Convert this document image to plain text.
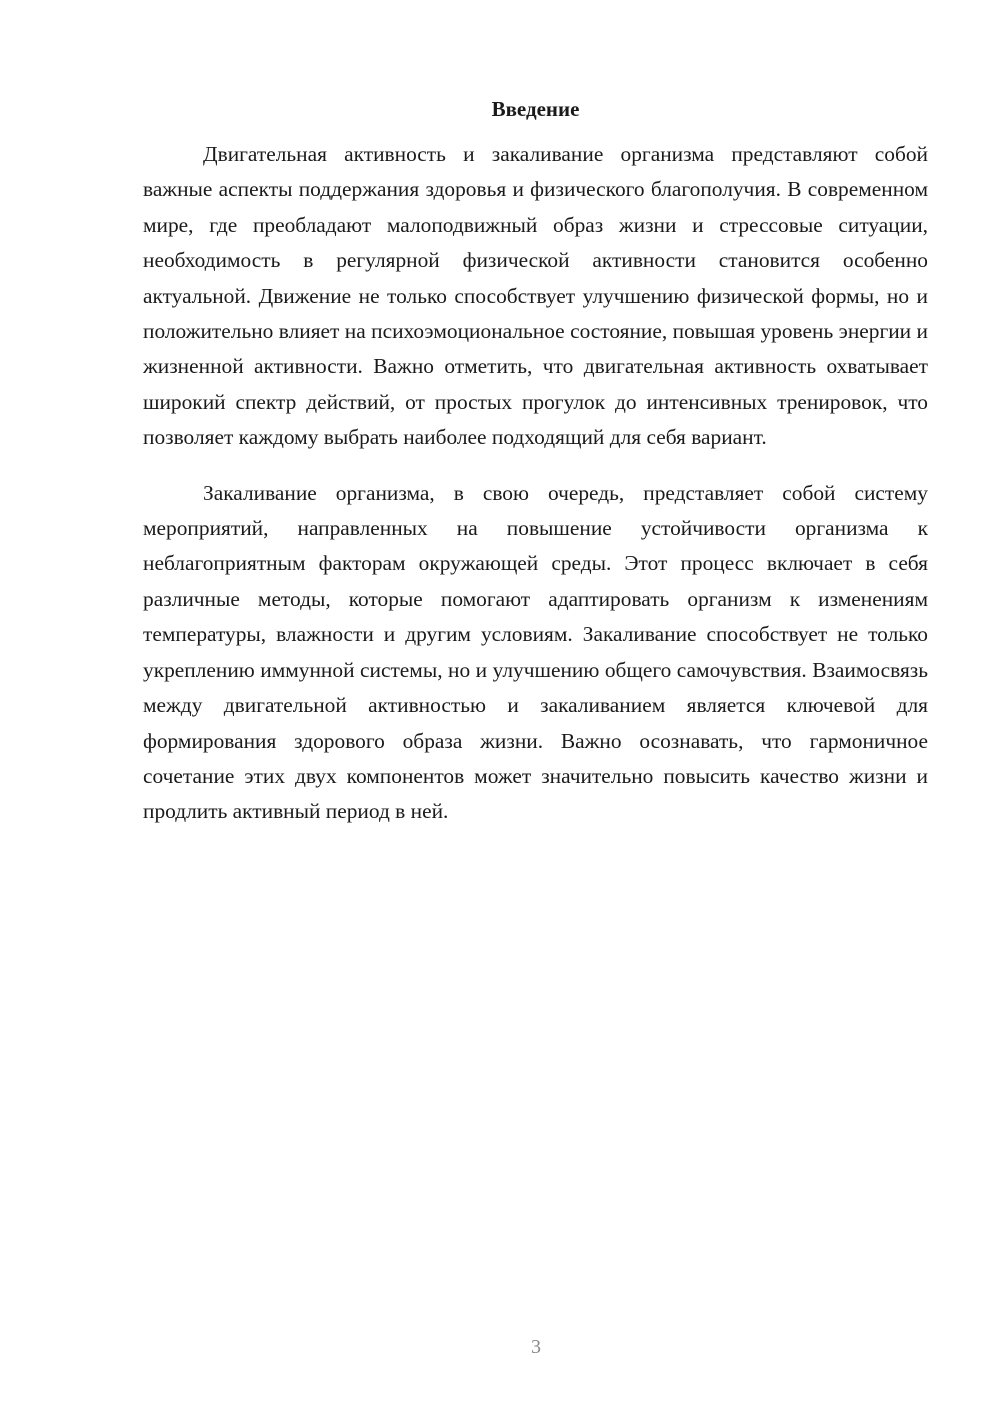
Введение

Двигательная активность и закаливание организма представляют собой важные аспекты поддержания здоровья и физического благополучия. В современном мире, где преобладают малоподвижный образ жизни и стрессовые ситуации, необходимость в регулярной физической активности становится особенно актуальной. Движение не только способствует улучшению физической формы, но и положительно влияет на психоэмоциональное состояние, повышая уровень энергии и жизненной активности. Важно отметить, что двигательная активность охватывает широкий спектр действий, от простых прогулок до интенсивных тренировок, что позволяет каждому выбрать наиболее подходящий для себя вариант.

Закаливание организма, в свою очередь, представляет собой систему мероприятий, направленных на повышение устойчивости организма к неблагоприятным факторам окружающей среды. Этот процесс включает в себя различные методы, которые помогают адаптировать организм к изменениям температуры, влажности и другим условиям. Закаливание способствует не только укреплению иммунной системы, но и улучшению общего самочувствия. Взаимосвязь между двигательной активностью и закаливанием является ключевой для формирования здорового образа жизни. Важно осознавать, что гармоничное сочетание этих двух компонентов может значительно повысить качество жизни и продлить активный период в ней.

3
